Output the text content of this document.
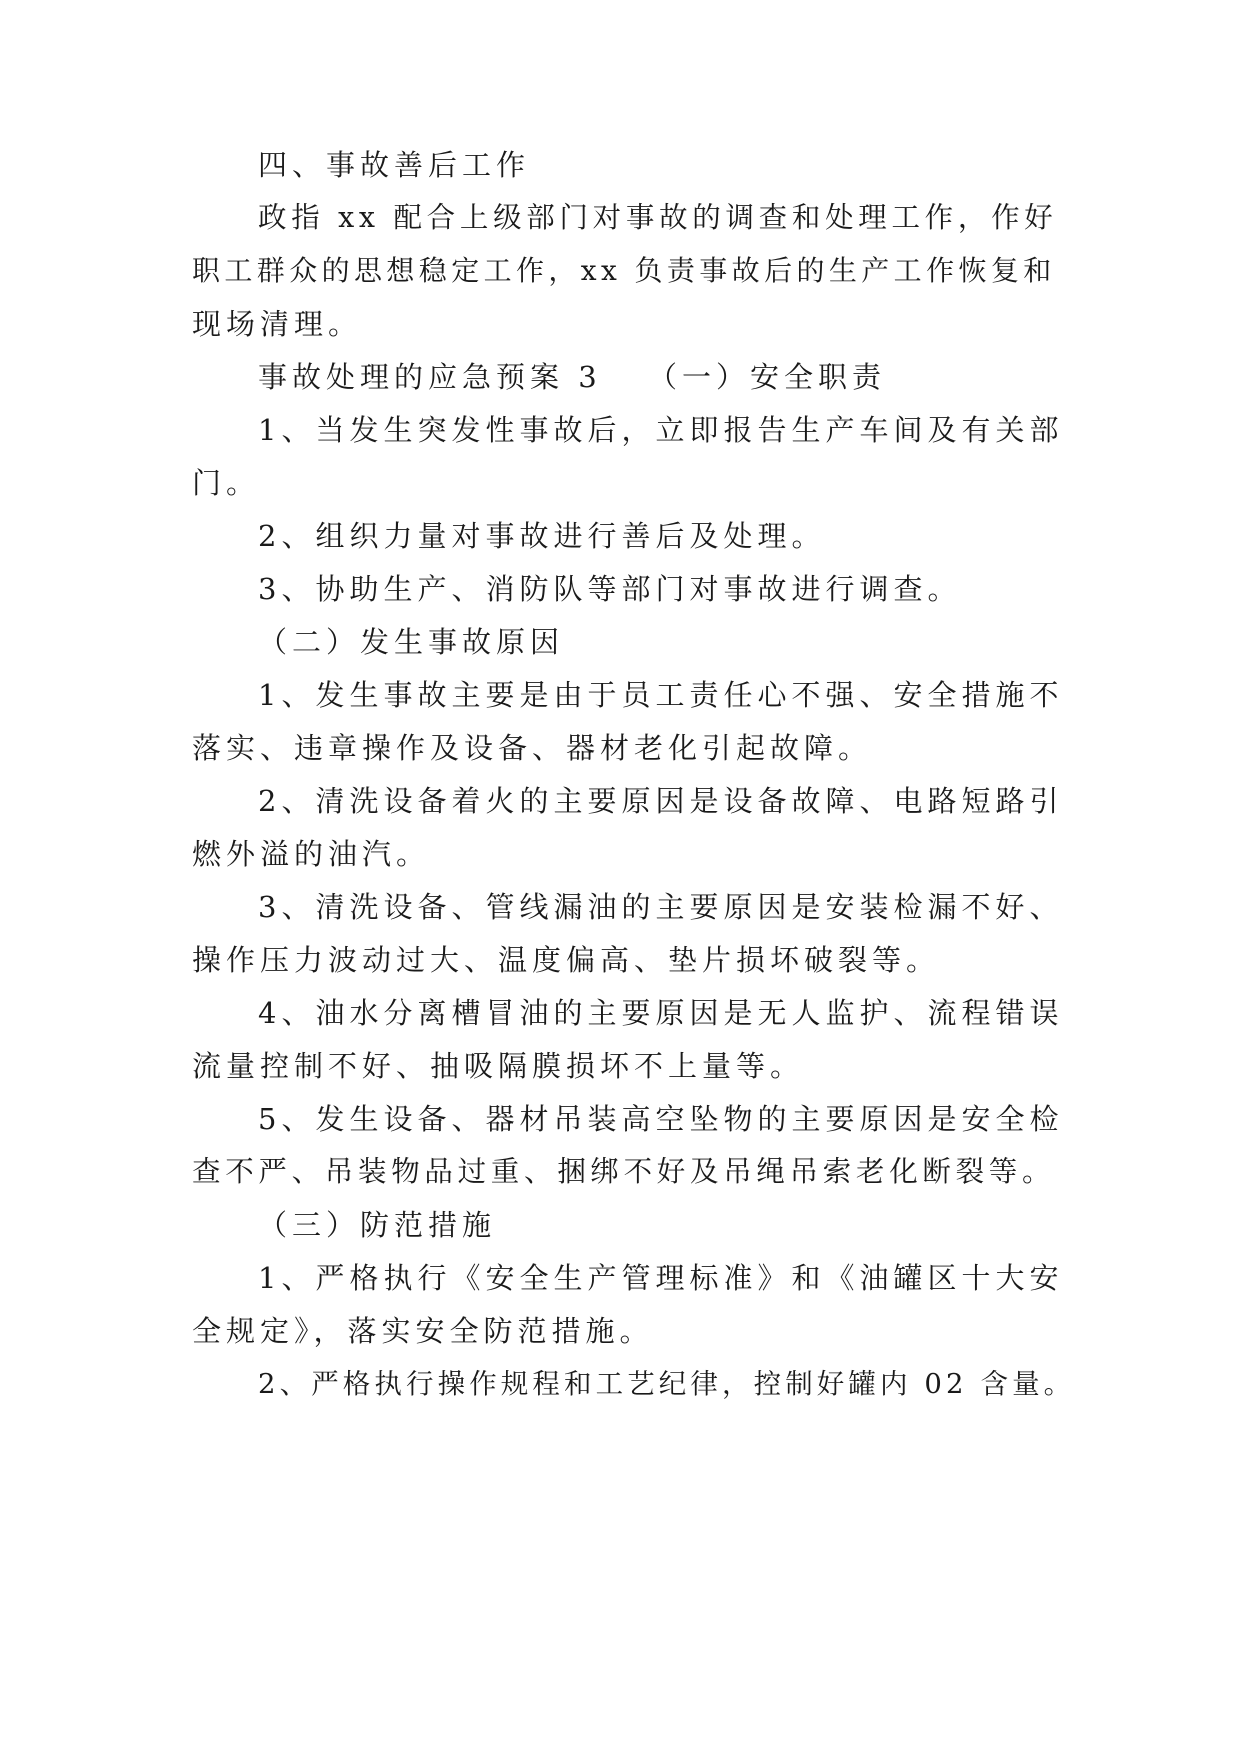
四、事故善后工作
政指 xx 配合上级部门对事故的调查和处理工作，作好
职工群众的思想稳定工作，xx 负责事故后的生产工作恢复和
现场清理。
事故处理的应急预案 3 （一）安全职责
1、当发生突发性事故后，立即报告生产车间及有关部
门。
2、组织力量对事故进行善后及处理。
3、协助生产、消防队等部门对事故进行调查。
（二）发生事故原因
1、发生事故主要是由于员工责任心不强、安全措施不
落实、违章操作及设备、器材老化引起故障。
2、清洗设备着火的主要原因是设备故障、电路短路引
燃外溢的油汽。
3、清洗设备、管线漏油的主要原因是安装检漏不好、
操作压力波动过大、温度偏高、垫片损坏破裂等。
4、油水分离槽冒油的主要原因是无人监护、流程错误
流量控制不好、抽吸隔膜损坏不上量等。
5、发生设备、器材吊装高空坠物的主要原因是安全检
查不严、吊装物品过重、捆绑不好及吊绳吊索老化断裂等。
（三）防范措施
1、严格执行《安全生产管理标准》和《油罐区十大安
全规定》，落实安全防范措施。
2、严格执行操作规程和工艺纪律，控制好罐内 02 含量。
